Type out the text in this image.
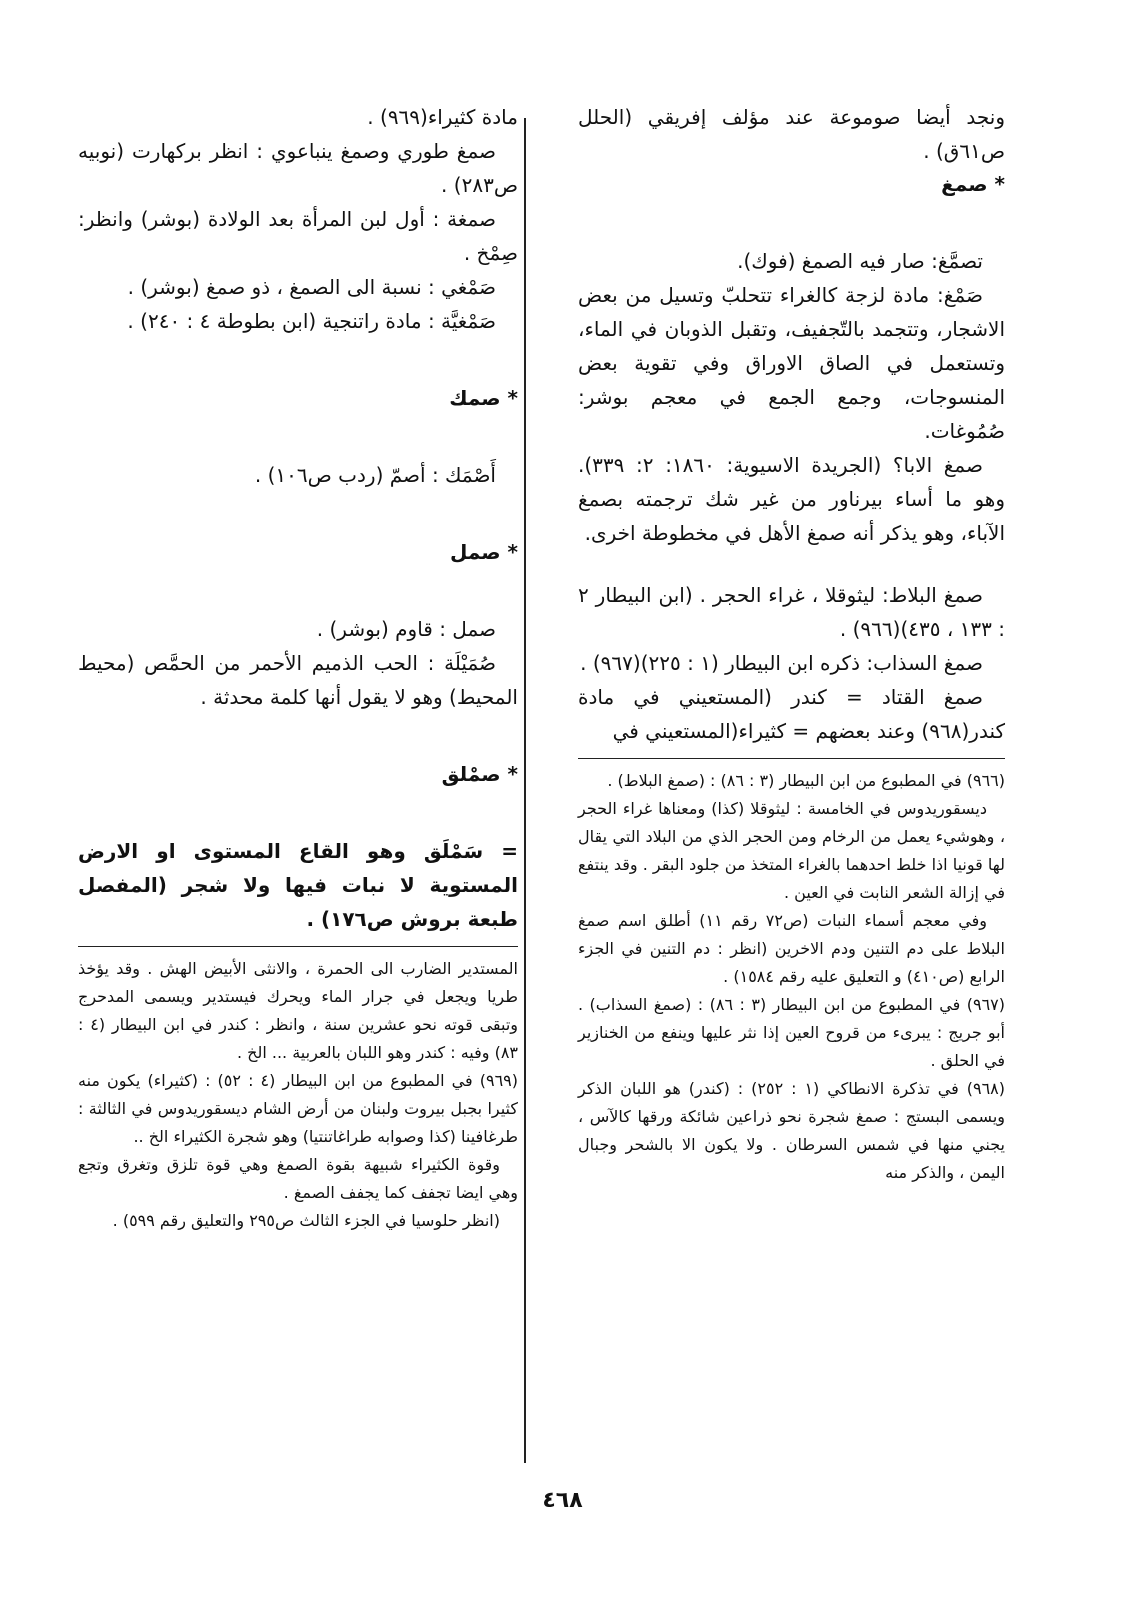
ونجد أيضا صوموعة عند مؤلف إفريقي (الحلل ص٦١ق) .

* صمغ

تصمَّغ: صار فيه الصمغ (فوك).

صَمْغ: مادة لزجة كالغراء تتحلبّ وتسيل من بعض الاشجار، وتتجمد بالتّجفيف، وتقبل الذوبان في الماء، وتستعمل في الصاق الاوراق وفي تقوية بعض المنسوجات، وجمع الجمع في معجم بوشر: صُمُوغات.

صمغ الابا؟ (الجريدة الاسيوية: ١٨٦٠: ٢: ٣٣٩). وهو ما أساء بيرناور من غير شك ترجمته بصمغ الآباء، وهو يذكر أنه صمغ الأهل في مخطوطة اخرى.

صمغ البلاط: ليثوقلا ، غراء الحجر . (ابن البيطار ٢ : ١٣٣ ، ٤٣٥)(٩٦٦) .

صمغ السذاب: ذكره ابن البيطار (١ : ٢٢٥)(٩٦٧) .

صمغ القتاد = كندر (المستعيني في مادة كندر(٩٦٨) وعند بعضهم = كثيراء(المستعيني في

(٩٦٦) في المطبوع من ابن البيطار (٣ : ٨٦) : (صمغ البلاط) .

ديسقوريدوس في الخامسة : ليثوقلا (كذا) ومعناها غراء الحجر ، وهوشيء يعمل من الرخام ومن الحجر الذي من البلاد التي يقال لها قونيا اذا خلط احدهما بالغراء المتخذ من جلود البقر . وقد ينتفع في إزالة الشعر النابت في العين .

وفي معجم أسماء النبات (ص٧٢ رقم ١١) أطلق اسم صمغ البلاط على دم التنين ودم الاخرين (انظر : دم التنين في الجزء الرابع (ص٤١٠) و التعليق عليه رقم ١٥٨٤) .

(٩٦٧) في المطبوع من ابن البيطار (٣ : ٨٦) : (صمغ السذاب) . أبو جريج : يبرىء من قروح العين إذا نثر عليها وينفع من الخنازير في الحلق .

(٩٦٨) في تذكرة الانطاكي (١ : ٢٥٢) : (كندر) هو اللبان الذكر ويسمى البستج : صمغ شجرة نحو ذراعين شائكة ورقها كالآس ، يجني منها في شمس السرطان . ولا يكون الا بالشحر وجبال اليمن ، والذكر منه

مادة كثيراء(٩٦٩) .

صمغ طوري وصمغ ينباعوي : انظر بركهارت (نوبيه ص٢٨٣) .

صمغة : أول لبن المرأة بعد الولادة (بوشر) وانظر: صِمْخ .

صَمْغي : نسبة الى الصمغ ، ذو صمغ (بوشر) .

صَمْغيَّة : مادة راتنجية (ابن بطوطة ٤ : ٢٤٠) .

* صمك

أَصْمَك : أصمّ (ردب ص١٠٦) .

* صمل

صمل : قاوم (بوشر) .

صُمَيْلَة : الحب الذميم الأحمر من الحمَّص (محيط المحيط) وهو لا يقول أنها كلمة محدثة .

* صمْلق

= سَمْلَق وهو القاع المستوى او الارض المستوية لا نبات فيها ولا شجر (المفصل طبعة بروش ص١٧٦) .

المستدير الضارب الى الحمرة ، والانثى الأبيض الهش . وقد يؤخذ طريا ويجعل في جرار الماء ويحرك فيستدير ويسمى المدحرج وتبقى قوته نحو عشرين سنة ، وانظر : كندر في ابن البيطار (٤ : ٨٣) وفيه : كندر وهو اللبان بالعربية ... الخ .

(٩٦٩) في المطبوع من ابن البيطار (٤ : ٥٢) : (كثيراء) يكون منه كثيرا بجبل بيروت ولبنان من أرض الشام ديسقوريدوس في الثالثة : طرغافينا (كذا وصوابه طراغاتنتيا) وهو شجرة الكثيراء الخ ..

وقوة الكثيراء شبيهة بقوة الصمغ وهي قوة تلزق وتغرق وتجع وهي ايضا تجفف كما يجفف الصمغ .

(انظر حلوسيا في الجزء الثالث ص٢٩٥ والتعليق رقم ٥٩٩) .

٤٦٨
